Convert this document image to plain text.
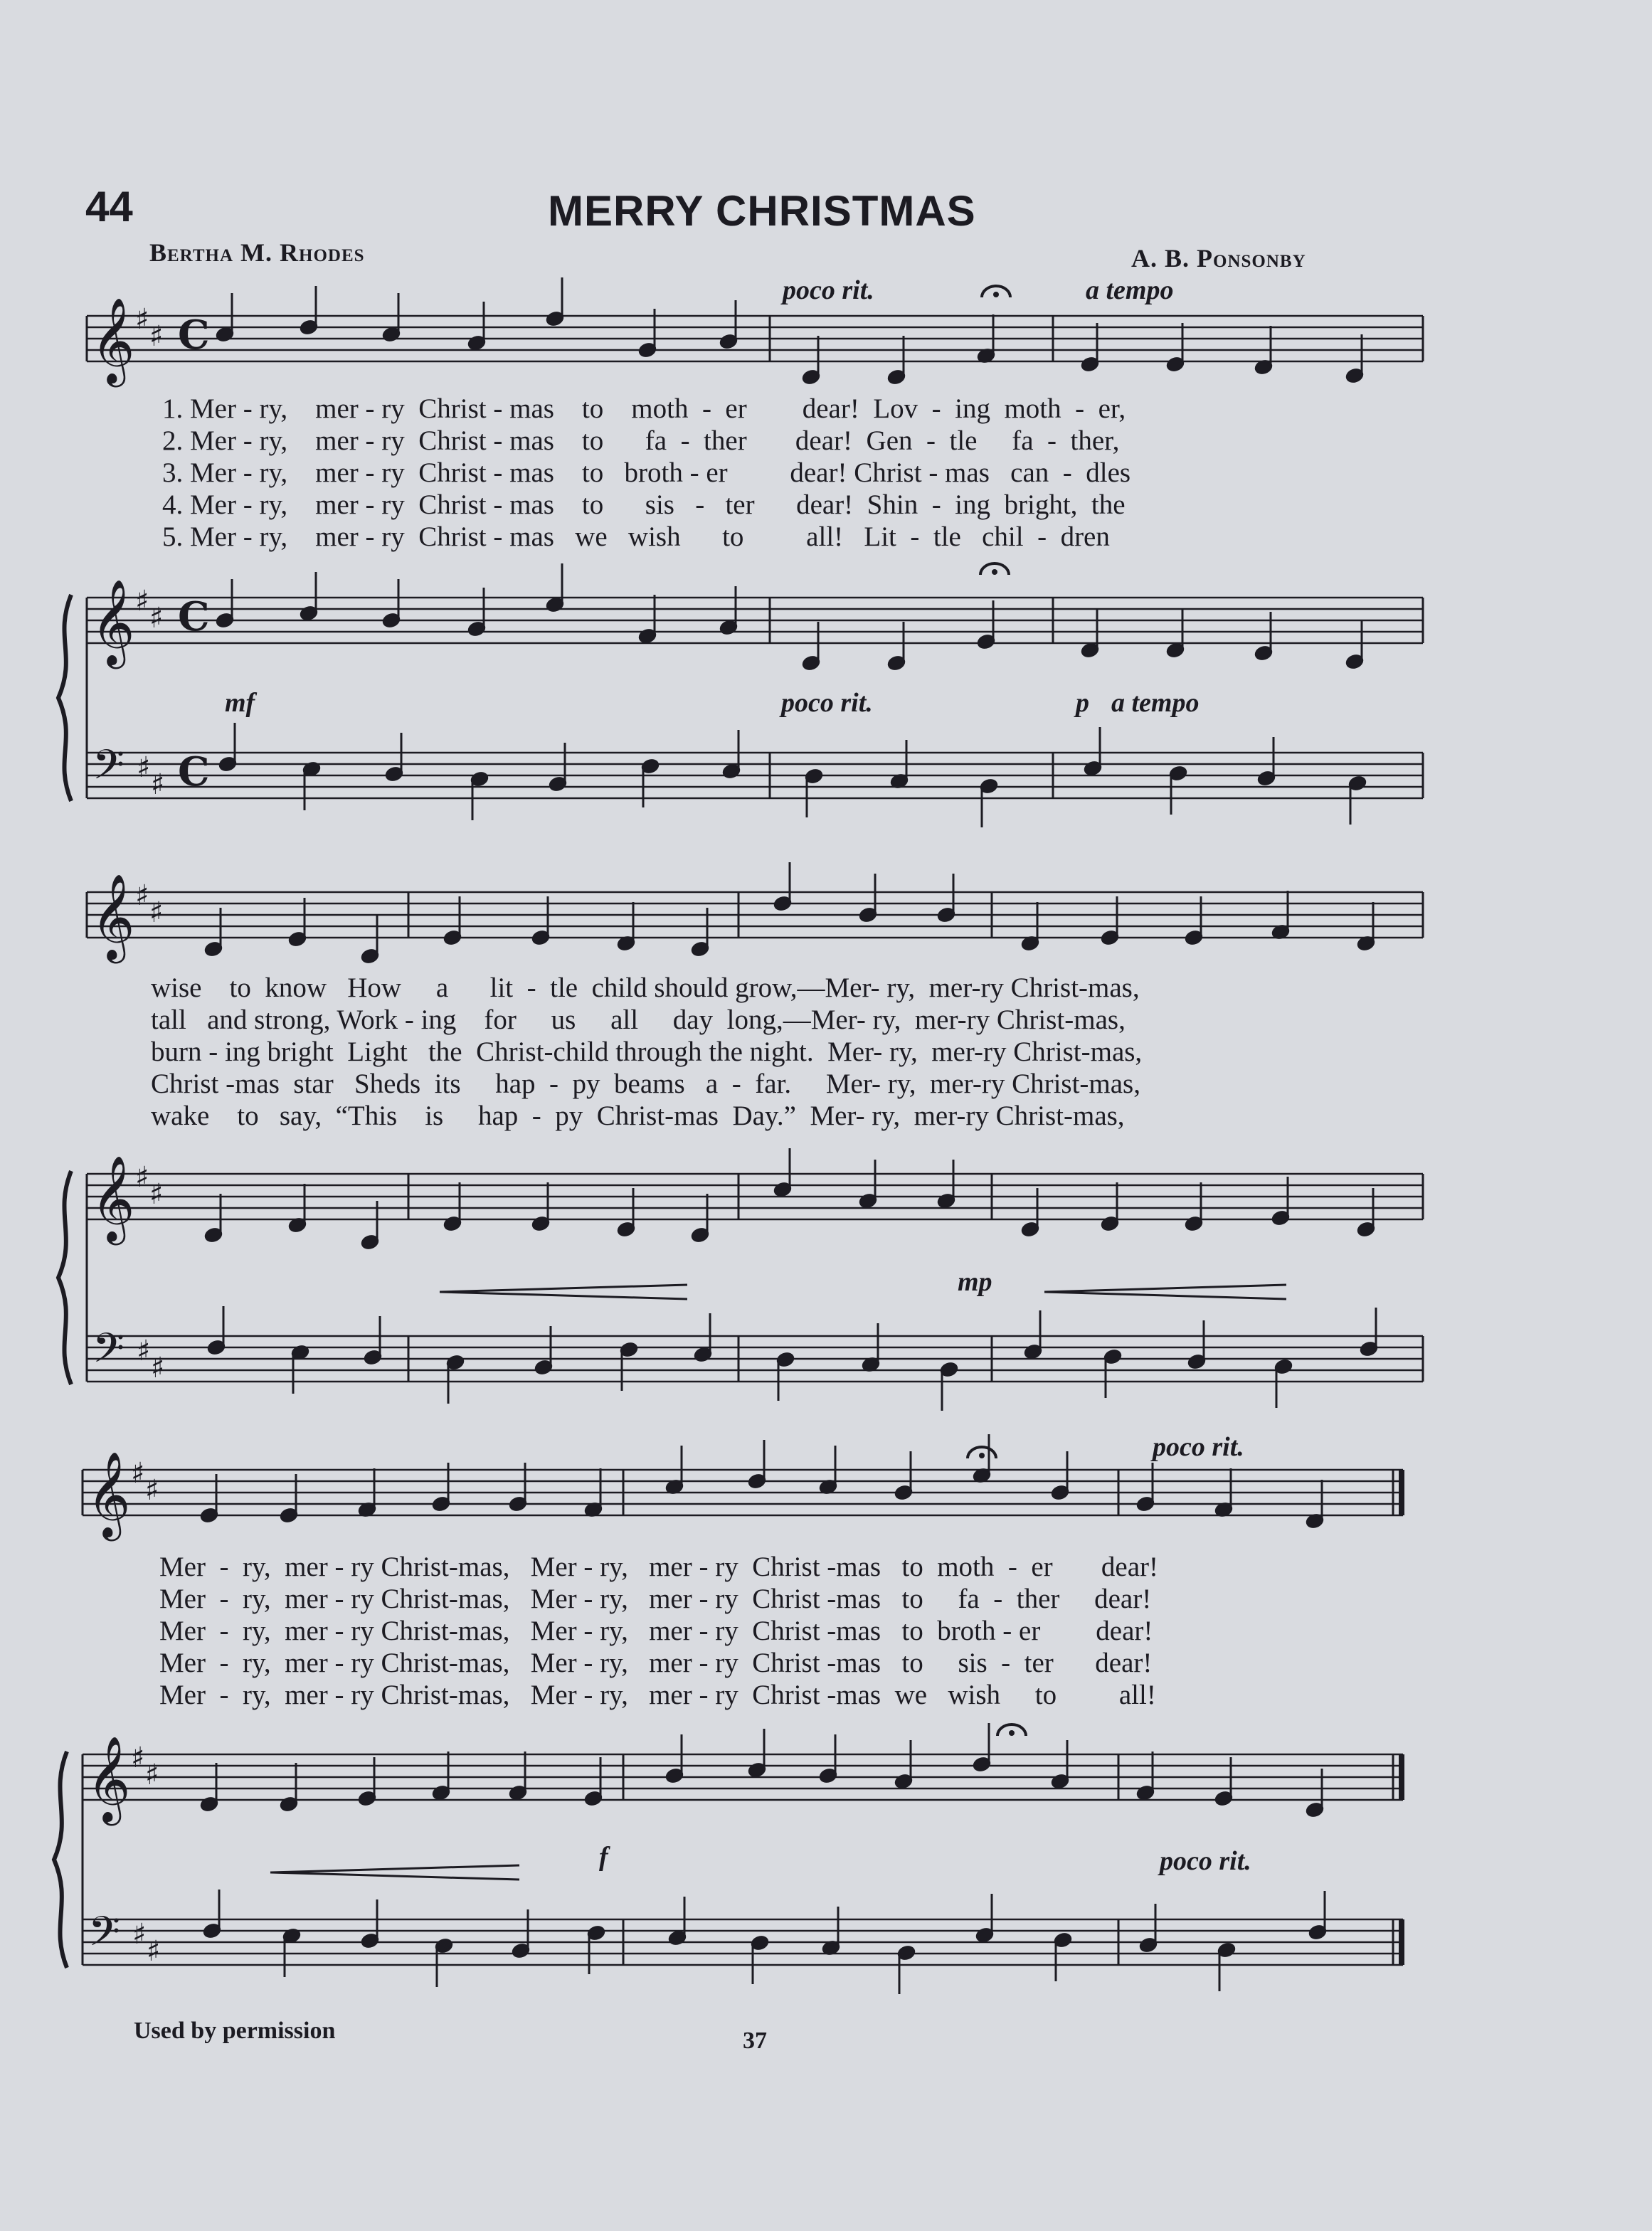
44	MERRY CHRISTMAS
Bertha M. Rhodes	A. B. Ponsonby
𝄞 ♯
♯
𝄞 ♯
♯
𝄢 ♯
♯
C
C
C
𝄞 ♯
♯
𝄞 ♯
♯
𝄢 ♯
♯
𝄞 ♯
♯
𝄞 ♯
♯
𝄢 ♯
♯
poco rit.	a tempo
mf	poco rit.	p a tempo
mp
poco rit.
f	poco rit.
1. Mer - ry,    mer - ry  Christ - mas    to    moth  -  er        dear!  Lov  -  ing  moth  -  er,
2. Mer - ry,    mer - ry  Christ - mas    to      fa  -  ther       dear!  Gen  -  tle     fa  -  ther,
3. Mer - ry,    mer - ry  Christ - mas    to   broth - er         dear! Christ - mas   can  -  dles
4. Mer - ry,    mer - ry  Christ - mas    to      sis   -   ter      dear!  Shin  -  ing  bright,  the
5. Mer - ry,    mer - ry  Christ - mas   we   wish      to         all!   Lit  -  tle   chil  -  dren
wise    to  know   How     a      lit  -  tle  child should grow,—Mer- ry,  mer-ry Christ-mas,
tall   and strong, Work - ing    for     us     all     day  long,—Mer- ry,  mer-ry Christ-mas,
burn - ing bright  Light   the  Christ-child through the night.  Mer- ry,  mer-ry Christ-mas,
Christ -mas  star   Sheds  its     hap  -  py  beams   a  -  far.     Mer- ry,  mer-ry Christ-mas,
wake    to   say,  “This    is     hap  -  py  Christ-mas  Day.”  Mer- ry,  mer-ry Christ-mas,
Mer  -  ry,  mer - ry Christ-mas,   Mer - ry,   mer - ry  Christ -mas   to  moth  -  er       dear!
Mer  -  ry,  mer - ry Christ-mas,   Mer - ry,   mer - ry  Christ -mas   to     fa  -  ther     dear!
Mer  -  ry,  mer - ry Christ-mas,   Mer - ry,   mer - ry  Christ -mas   to  broth - er        dear!
Mer  -  ry,  mer - ry Christ-mas,   Mer - ry,   mer - ry  Christ -mas   to     sis  -  ter      dear!
Mer  -  ry,  mer - ry Christ-mas,   Mer - ry,   mer - ry  Christ -mas  we   wish     to         all!
Used by permission	37
